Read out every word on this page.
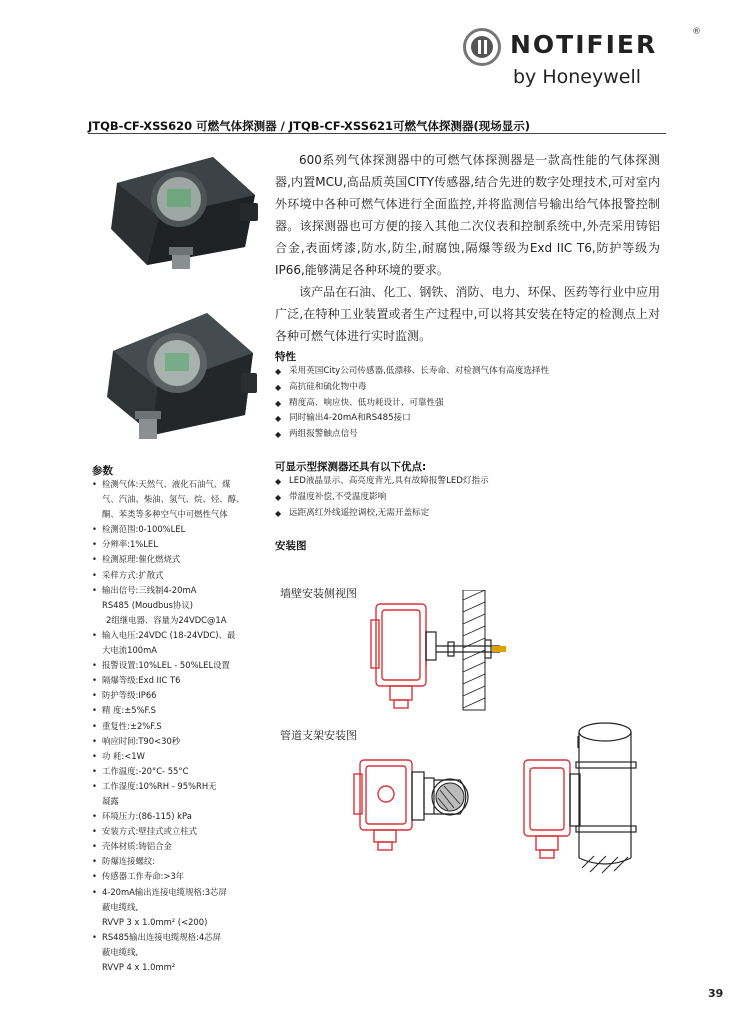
NOTIFIER	®
by Honeywell
JTQB-CF-XSS620 可燃气体探测器 / JTQB-CF-XSS621可燃气体探测器(现场显示)

600系列气体探测器中的可燃气体探测器是一款高性能的气体探测器,内置MCU,高品质英国CITY传感器,结合先进的数字处理技术,可对室内外环境中各种可燃气体进行全面监控,并将监测信号输出给气体报警控制器。该探测器也可方便的接入其他二次仪表和控制系统中,外壳采用铸铝合金,表面烤漆,防水,防尘,耐腐蚀,隔爆等级为Exd IIC T6,防护等级为IP66,能够满足各种环境的要求。

该产品在石油、化工、钢铁、消防、电力、环保、医药等行业中应用广泛,在特种工业装置或者生产过程中,可以将其安装在特定的检测点上对各种可燃气体进行实时监测。

特性
◆ 采用英国City公司传感器,低漂移、长寿命、对检测气体有高度选择性
◆ 高抗硅和硫化物中毒
◆ 精度高、响应快、低功耗设计、可靠性强
◆ 同时输出4-20mA和RS485接口
◆ 两组报警触点信号
可显示型探测器还具有以下优点:
◆ LED液晶显示、高亮度背光,具有故障报警LED灯指示
◆ 带温度补偿,不受温度影响
◆ 远距离红外线遥控调校,无需开盖标定
安装图
墙壁安装侧视图
管道支架安装图
参数
• 检测气体:天然气、液化石油气、煤
气、汽油、柴油、氢气、烷、烃、醇、
酮、苯类等多种空气中可燃性气体
• 检测范围:0-100%LEL
• 分辨率:1%LEL
• 检测原理:催化燃烧式
• 采样方式:扩散式
• 输出信号:三线制4-20mA
RS485 (Moudbus协议)
2组继电器、容量为24VDC@1A
• 输入电压:24VDC (18-24VDC)、最
大电流100mA
• 报警设置:10%LEL - 50%LEL设置
• 隔爆等级:Exd IIC T6
• 防护等级:IP66
• 精 度:±5%F.S
• 重复性:±2%F.S
• 响应时间:T90<30秒
• 功 耗:<1W
• 工作温度:-20°C- 55°C
• 工作湿度:10%RH - 95%RH无
凝露
• 环境压力:(86-115) kPa
• 安装方式:壁挂式或立柱式
• 壳体材质:铸铝合金
• 防爆连接螺纹:
• 传感器工作寿命:>3年
• 4-20mA输出连接电缆规格:3芯屏
蔽电缆线,
RVVP 3 x 1.0mm² (<200)
• RS485输出连接电缆规格:4芯屏
蔽电缆线,
RVVP 4 x 1.0mm²
39
